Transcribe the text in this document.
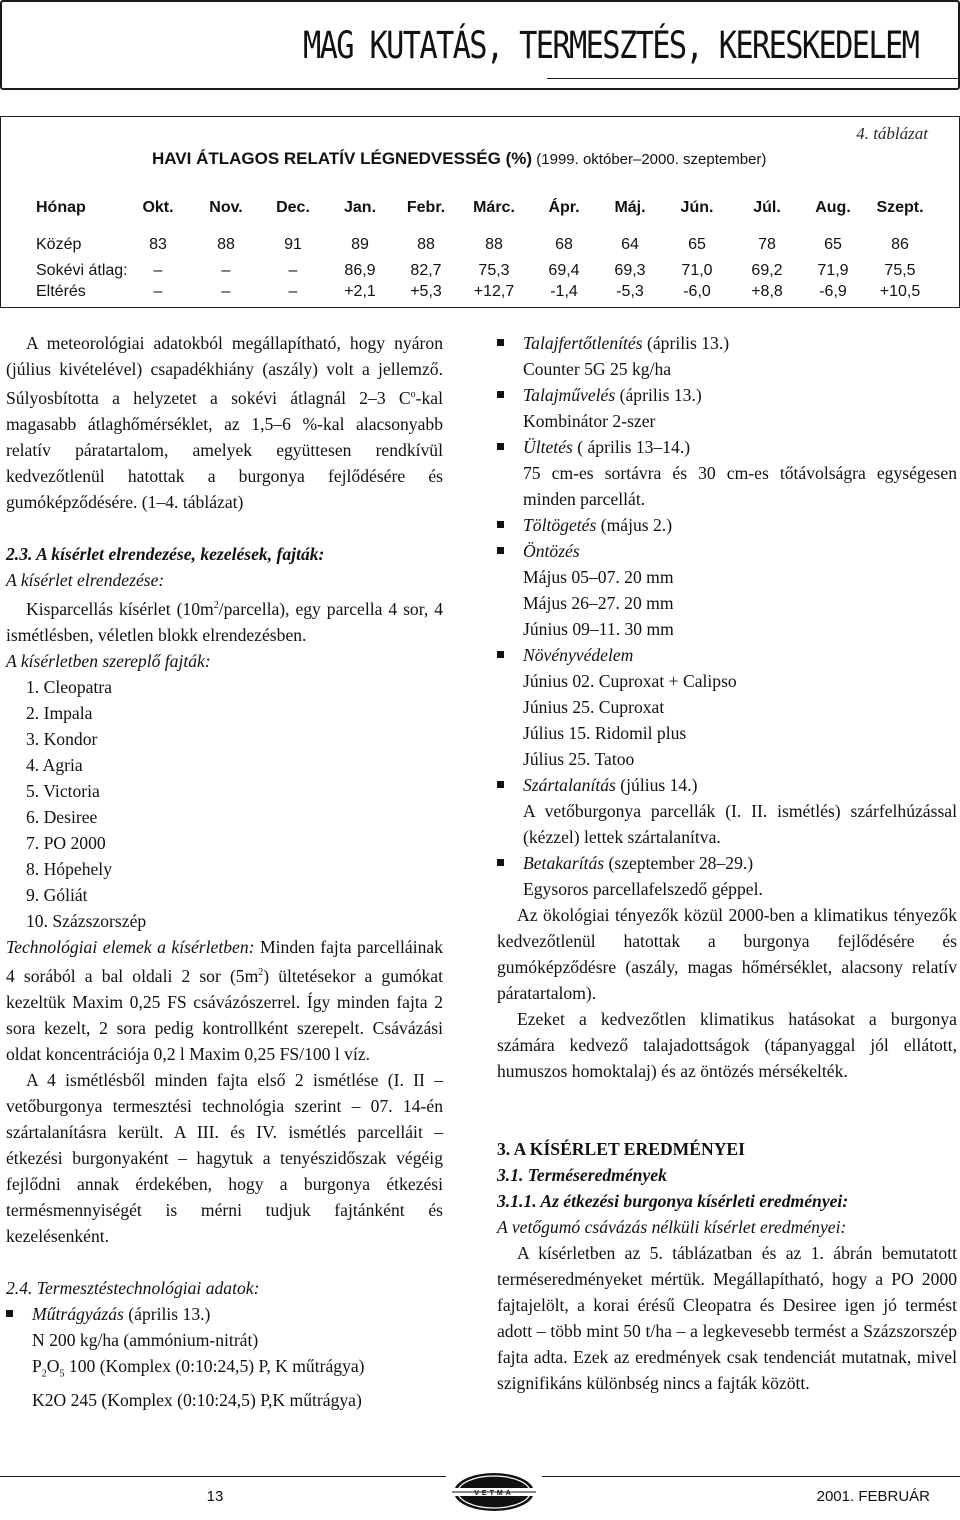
MAG KUTATÁS, TERMESZTÉS, KERESKEDELEM
4. táblázat
HAVI ÁTLAGOS RELATÍV LÉGNEDVESSÉG (%) (1999. október–2000. szeptember)
Hónap	Okt. Nov. Dec. Jan. Febr. Márc. Ápr. Máj. Jún. Júl. Aug. Szept.
Közép	83	88	91	89	88	88	68	64	65	78	65	86
Sokévi átlag: –	–	–	86,9 82,7 75,3 69,4 69,3 71,0 69,2 71,9 75,5
Eltérés	–	–	–	+2,1 +5,3 +12,7 -1,4 -5,3 -6,0	+8,8 -6,9 +10,5

A meteorológiai adatokból megállapítható, hogy nyáron (július kivételével) csapadékhiány (aszály) volt a jellemző. Súlyosbította a helyzetet a sokévi átlagnál 2–3 $C^o$-kal magasabb átlaghőmérséklet, az 1,5–6 %-kal alacsonyabb relatív páratartalom, amelyek együttesen rendkívül kedvezőtlenül hatottak a burgonya fejlődésére és gumóképződésére. (1–4. táblázat)

2.3. A kísérlet elrendezése, kezelések, fajták:
A kísérlet elrendezése:

Kisparcellás kísérlet $(10m^2/parcella)$, egy parcella 4 sor, 4 ismétlésben, véletlen blokk elrendezésben.

A kísérletben szereplő fajták:
1. Cleopatra
2. Impala
3. Kondor
4. Agria
5. Victoria
6. Desiree
7. PO 2000
8. Hópehely
9. Góliát
10. Százszorszép

Technológiai elemek a kísérletben: Minden fajta parcelláinak 4 sorából a bal oldali 2 sor $(5m^2)$ ültetésekor a gumókat kezeltük Maxim 0,25 FS csávázószerrel. Így minden fajta 2 sora kezelt, 2 sora pedig kontrollként szerepelt. Csávázási oldat koncentrációja 0,2 l Maxim 0,25 FS/100 l víz.

A 4 ismétlésből minden fajta első 2 ismétlése (I. II – vetőburgonya termesztési technológia szerint – 07. 14-én szártalanításra került. A III. és IV. ismétlés parcelláit – étkezési burgonyaként – hagytuk a tenyészidőszak végéig fejlődni annak érdekében, hogy a burgonya étkezési termésmennyiségét is mérni tudjuk fajtánként és kezelésenként.

2.4. Termesztéstechnológiai adatok:
Műtrágyázás (április 13.)
N 200 kg/ha (ammónium-nitrát)
$P_2O_5$ 100 (Komplex (0:10:24,5) P, K műtrágya)
K2O 245 (Komplex (0:10:24,5) P,K műtrágya)
Talajfertőtlenítés (április 13.)
Counter 5G 25 kg/ha
Talajművelés (április 13.)
Kombinátor 2-szer
Ültetés ( április 13–14.)
75 cm-es sortávra és 30 cm-es tőtávolságra egységesen minden parcellát.
Töltögetés (május 2.)
Öntözés
Május 05–07. 20 mm
Május 26–27. 20 mm
Június 09–11. 30 mm
Növényvédelem
Június 02. Cuproxat + Calipso
Június 25. Cuproxat
Július 15. Ridomil plus
Július 25. Tatoo
Szártalanítás (július 14.)
A vetőburgonya parcellák (I. II. ismétlés) szárfelhúzással (kézzel) lettek szártalanítva.
Betakarítás (szeptember 28–29.)
Egysoros parcellafelszedő géppel.

Az ökológiai tényezők közül 2000-ben a klimatikus tényezők kedvezőtlenül hatottak a burgonya fejlődésére és gumóképződésre (aszály, magas hőmérséklet, alacsony relatív páratartalom).

Ezeket a kedvezőtlen klimatikus hatásokat a burgonya számára kedvező talajadottságok (tápanyaggal jól ellátott, humuszos homoktalaj) és az öntözés mérsékelték.

3. A KÍSÉRLET EREDMÉNYEI
3.1. Terméseredmények
3.1.1. Az étkezési burgonya kísérleti eredményei:
A vetőgumó csávázás nélküli kísérlet eredményei:

A kísérletben az 5. táblázatban és az 1. ábrán bemutatott terméseredményeket mértük. Megállapítható, hogy a PO 2000 fajtajelölt, a korai érésű Cleopatra és Desiree igen jó termést adott – több mint 50 t/ha – a legkevesebb termést a Százszorszép fajta adta. Ezek az eredmények csak tendenciát mutatnak, mivel szignifikáns különbség nincs a fajták között.

13	VETMA	2001. FEBRUÁR
